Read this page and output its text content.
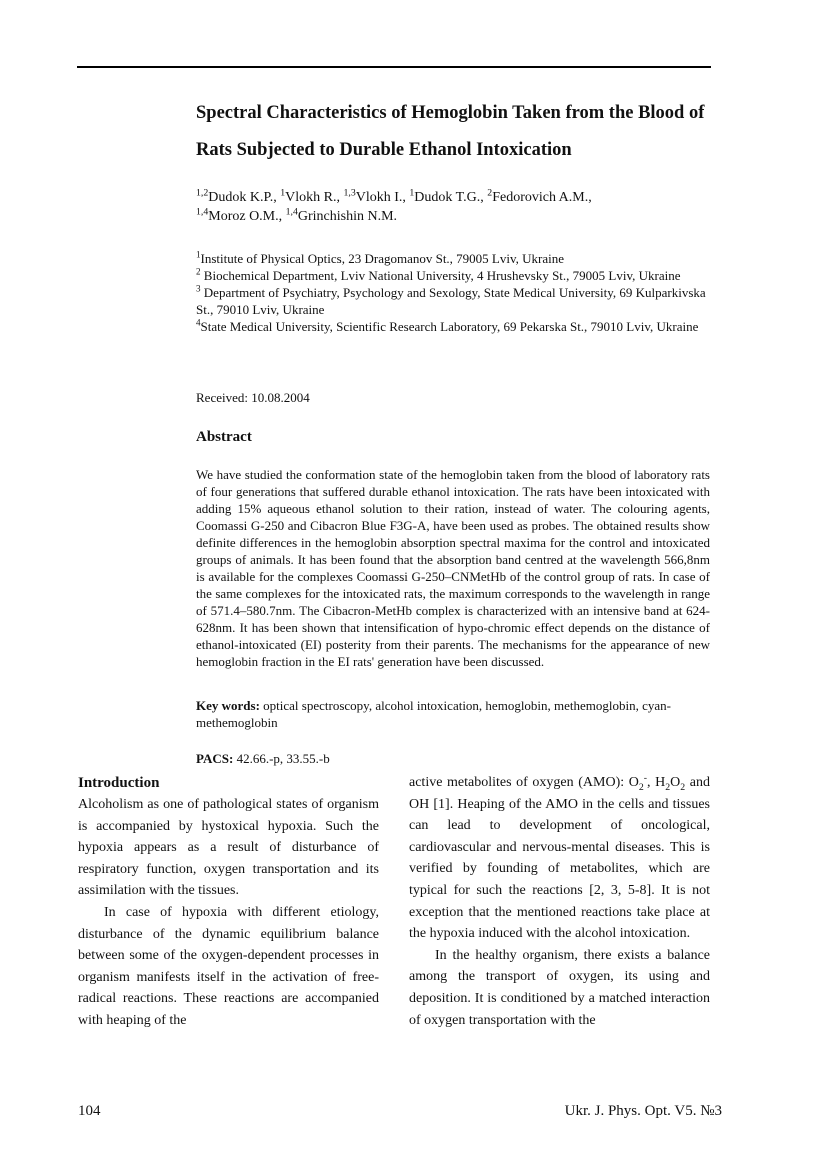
Spectral Characteristics of Hemoglobin Taken from the Blood of Rats Subjected to Durable Ethanol Intoxication
$^{1,2}$Dudok K.P., $^1$Vlokh R., $^{1,3}$Vlokh I., $^1$Dudok T.G., $^2$Fedorovich A.M.,
$^{1,4}$Moroz O.M., $^{1,4}$Grinchishin N.M.
$^1$Institute of Physical Optics, 23 Dragomanov St., 79005 Lviv, Ukraine
$^2$ Biochemical Department, Lviv National University, 4 Hrushevsky St., 79005 Lviv, Ukraine
$^3$ Department of Psychiatry, Psychology and Sexology, State Medical University, 69 Kulparkivska St., 79010 Lviv, Ukraine
$^4$State Medical University, Scientific Research Laboratory, 69 Pekarska St., 79010 Lviv, Ukraine
Received: 10.08.2004
Abstract
We have studied the conformation state of the hemoglobin taken from the blood of laboratory rats of four generations that suffered durable ethanol intoxication. The rats have been intoxicated with adding 15% aqueous ethanol solution to their ration, instead of water. The colouring agents, Coomassi G-250 and Cibacron Blue F3G-A, have been used as probes. The obtained results show definite differences in the hemoglobin absorption spectral maxima for the control and intoxicated groups of animals. It has been found that the absorption band centred at the wavelength 566,8nm is available for the complexes Coomassi G-250–CNMetHb of the control group of rats. In case of the same complexes for the intoxicated rats, the maximum corresponds to the wavelength in range of 571.4–580.7nm. The Cibacron-MetHb complex is characterized with an intensive band at 624-628nm. It has been shown that intensification of hypo-chromic effect depends on the distance of ethanol-intoxicated (EI) posterity from their parents. The mechanisms for the appearance of new hemoglobin fraction in the EI rats' generation have been discussed.
Key words: optical spectroscopy, alcohol intoxication, hemoglobin, methemoglobin, cyan-methemoglobin
PACS: 42.66.-p, 33.55.-b
Introduction

Alcoholism as one of pathological states of organism is accompanied by hystoxical hypoxia. Such the hypoxia appears as a result of disturbance of respiratory function, oxygen transportation and its assimilation with the tissues.

In case of hypoxia with different etiology, disturbance of the dynamic equilibrium balance between some of the oxygen-dependent processes in organism manifests itself in the activation of free-radical reactions. These reactions are accompanied with heaping of the

active metabolites of oxygen (AMO): $O_2^-$, $H_2O_2$ and OH [1]. Heaping of the AMO in the cells and tissues can lead to development of oncological, cardiovascular and nervous-mental diseases. This is verified by founding of metabolites, which are typical for such the reactions [2, 3, 5-8]. It is not exception that the mentioned reactions take place at the hypoxia induced with the alcohol intoxication.

In the healthy organism, there exists a balance among the transport of oxygen, its using and deposition. It is conditioned by a matched interaction of oxygen transportation with the

104	Ukr. J. Phys. Opt. V5. №3
